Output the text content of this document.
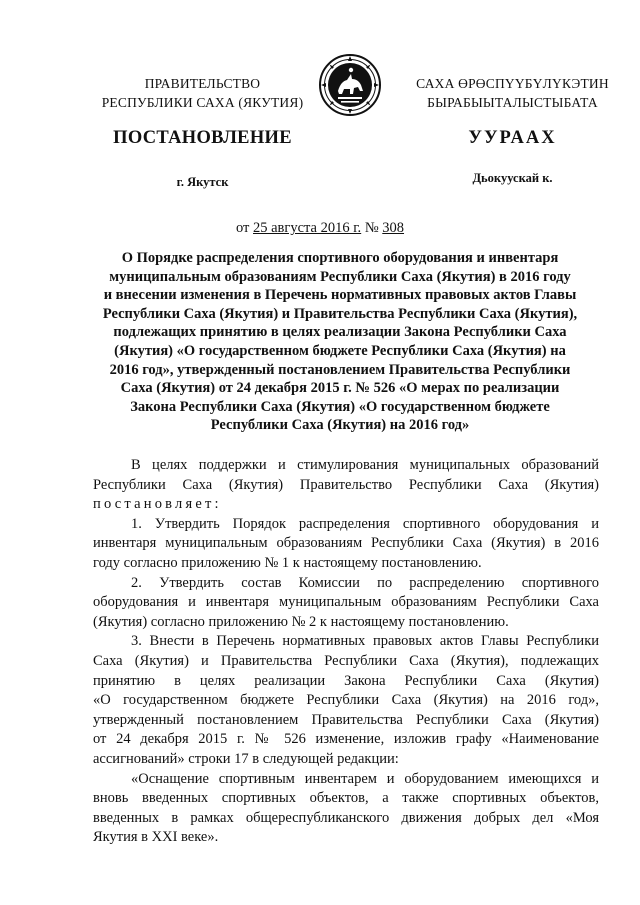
ПРАВИТЕЛЬСТВО
РЕСПУБЛИКИ САХА (ЯКУТИЯ)
САХА ӨРӨСПҮҮБҮЛҮКЭТИН
БЫРАБЫЫТАЛЫСТЫБАТА
ПОСТАНОВЛЕНИЕ	УУРААХ
г. Якутск	Дьокуускай к.
от 25 августа 2016 г. № 308
О Порядке распределения спортивного оборудования и инвентаря
муниципальным образованиям Республики Саха (Якутия) в 2016 году
и внесении изменения в Перечень нормативных правовых актов Главы
Республики Саха (Якутия) и Правительства Республики Саха (Якутия),
подлежащих принятию в целях реализации Закона Республики Саха
(Якутия) «О государственном бюджете Республики Саха (Якутия) на
2016 год», утвержденный постановлением Правительства Республики
Саха (Якутия) от 24 декабря 2015 г. № 526 «О мерах по реализации
Закона Республики Саха (Якутия) «О государственном бюджете
Республики Саха (Якутия) на 2016 год»
В целях поддержки и стимулирования муниципальных образований
Республики Саха (Якутия) Правительство Республики Саха (Якутия)
постановляет:
1. Утвердить Порядок распределения спортивного оборудования и
инвентаря муниципальным образованиям Республики Саха (Якутия) в 2016
году согласно приложению № 1 к настоящему постановлению.
2. Утвердить состав Комиссии по распределению спортивного
оборудования и инвентаря муниципальным образованиям Республики Саха
(Якутия) согласно приложению № 2 к настоящему постановлению.
3. Внести в Перечень нормативных правовых актов Главы Республики
Саха (Якутия) и Правительства Республики Саха (Якутия), подлежащих
принятию в целях реализации Закона Республики Саха (Якутия)
«О государственном бюджете Республики Саха (Якутия) на 2016 год»,
утвержденный постановлением Правительства Республики Саха (Якутия)
от 24 декабря 2015 г. № 526 изменение, изложив графу «Наименование
ассигнований» строки 17 в следующей редакции:
«Оснащение спортивным инвентарем и оборудованием имеющихся и
вновь введенных спортивных объектов, а также спортивных объектов,
введенных в рамках общереспубликанского движения добрых дел «Моя
Якутия в XXI веке».
